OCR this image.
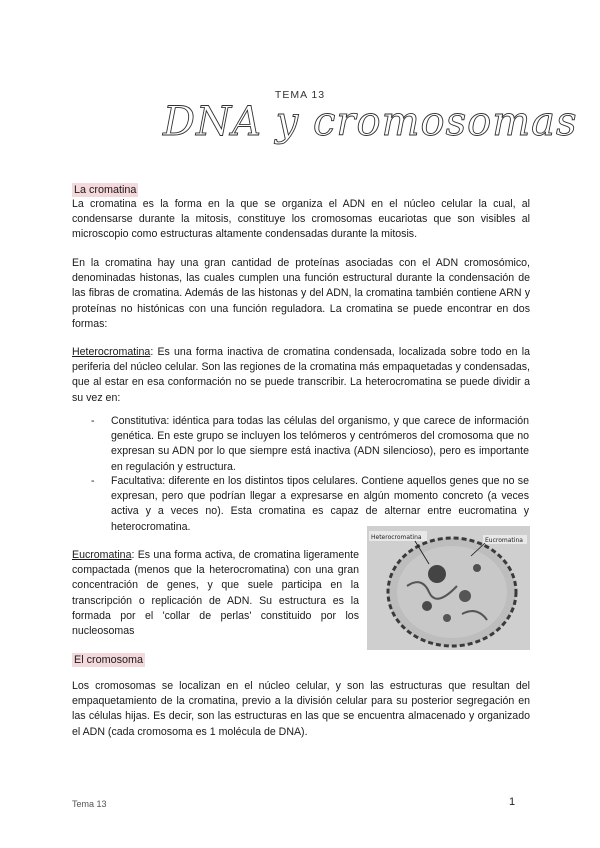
TEMA 13
DNA y cromosomas
La cromatina
La cromatina es la forma en la que se organiza el ADN en el núcleo celular la cual, al condensarse durante la mitosis, constituye los cromosomas eucariotas que son visibles al microscopio como estructuras altamente condensadas durante la mitosis.
En la cromatina hay una gran cantidad de proteínas asociadas con el ADN cromosómico, denominadas histonas, las cuales cumplen una función estructural durante la condensación de las fibras de cromatina. Además de las histonas y del ADN, la cromatina también contiene ARN y proteínas no histónicas con una función reguladora. La cromatina se puede encontrar en dos formas:
Heterocromatina: Es una forma inactiva de cromatina condensada, localizada sobre todo en la periferia del núcleo celular. Son las regiones de la cromatina más empaquetadas y condensadas, que al estar en esa conformación no se puede transcribir. La heterocromatina se puede dividir a su vez en:
- Constitutiva: idéntica para todas las células del organismo, y que carece de información genética. En este grupo se incluyen los telómeros y centrómeros del cromosoma que no expresan su ADN por lo que siempre está inactiva (ADN silencioso), pero es importante en regulación y estructura.
- Facultativa: diferente en los distintos tipos celulares. Contiene aquellos genes que no se expresan, pero que podrían llegar a expresarse en algún momento concreto (a veces activa y a veces no). Esta cromatina es capaz de alternar entre eucromatina y heterocromatina.
Eucromatina: Es una forma activa, de cromatina ligeramente compactada (menos que la heterocromatina) con una gran concentración de genes, y que suele participa en la transcripción o replicación de ADN. Su estructura es la formada por el 'collar de perlas' constituido por los nucleosomas
Heterocromatina	Eucromatina
El cromosoma
Los cromosomas se localizan en el núcleo celular, y son las estructuras que resultan del empaquetamiento de la cromatina, previo a la división celular para su posterior segregación en las células hijas. Es decir, son las estructuras en las que se encuentra almacenado y organizado el ADN (cada cromosoma es 1 molécula de DNA).
Tema 13	1
